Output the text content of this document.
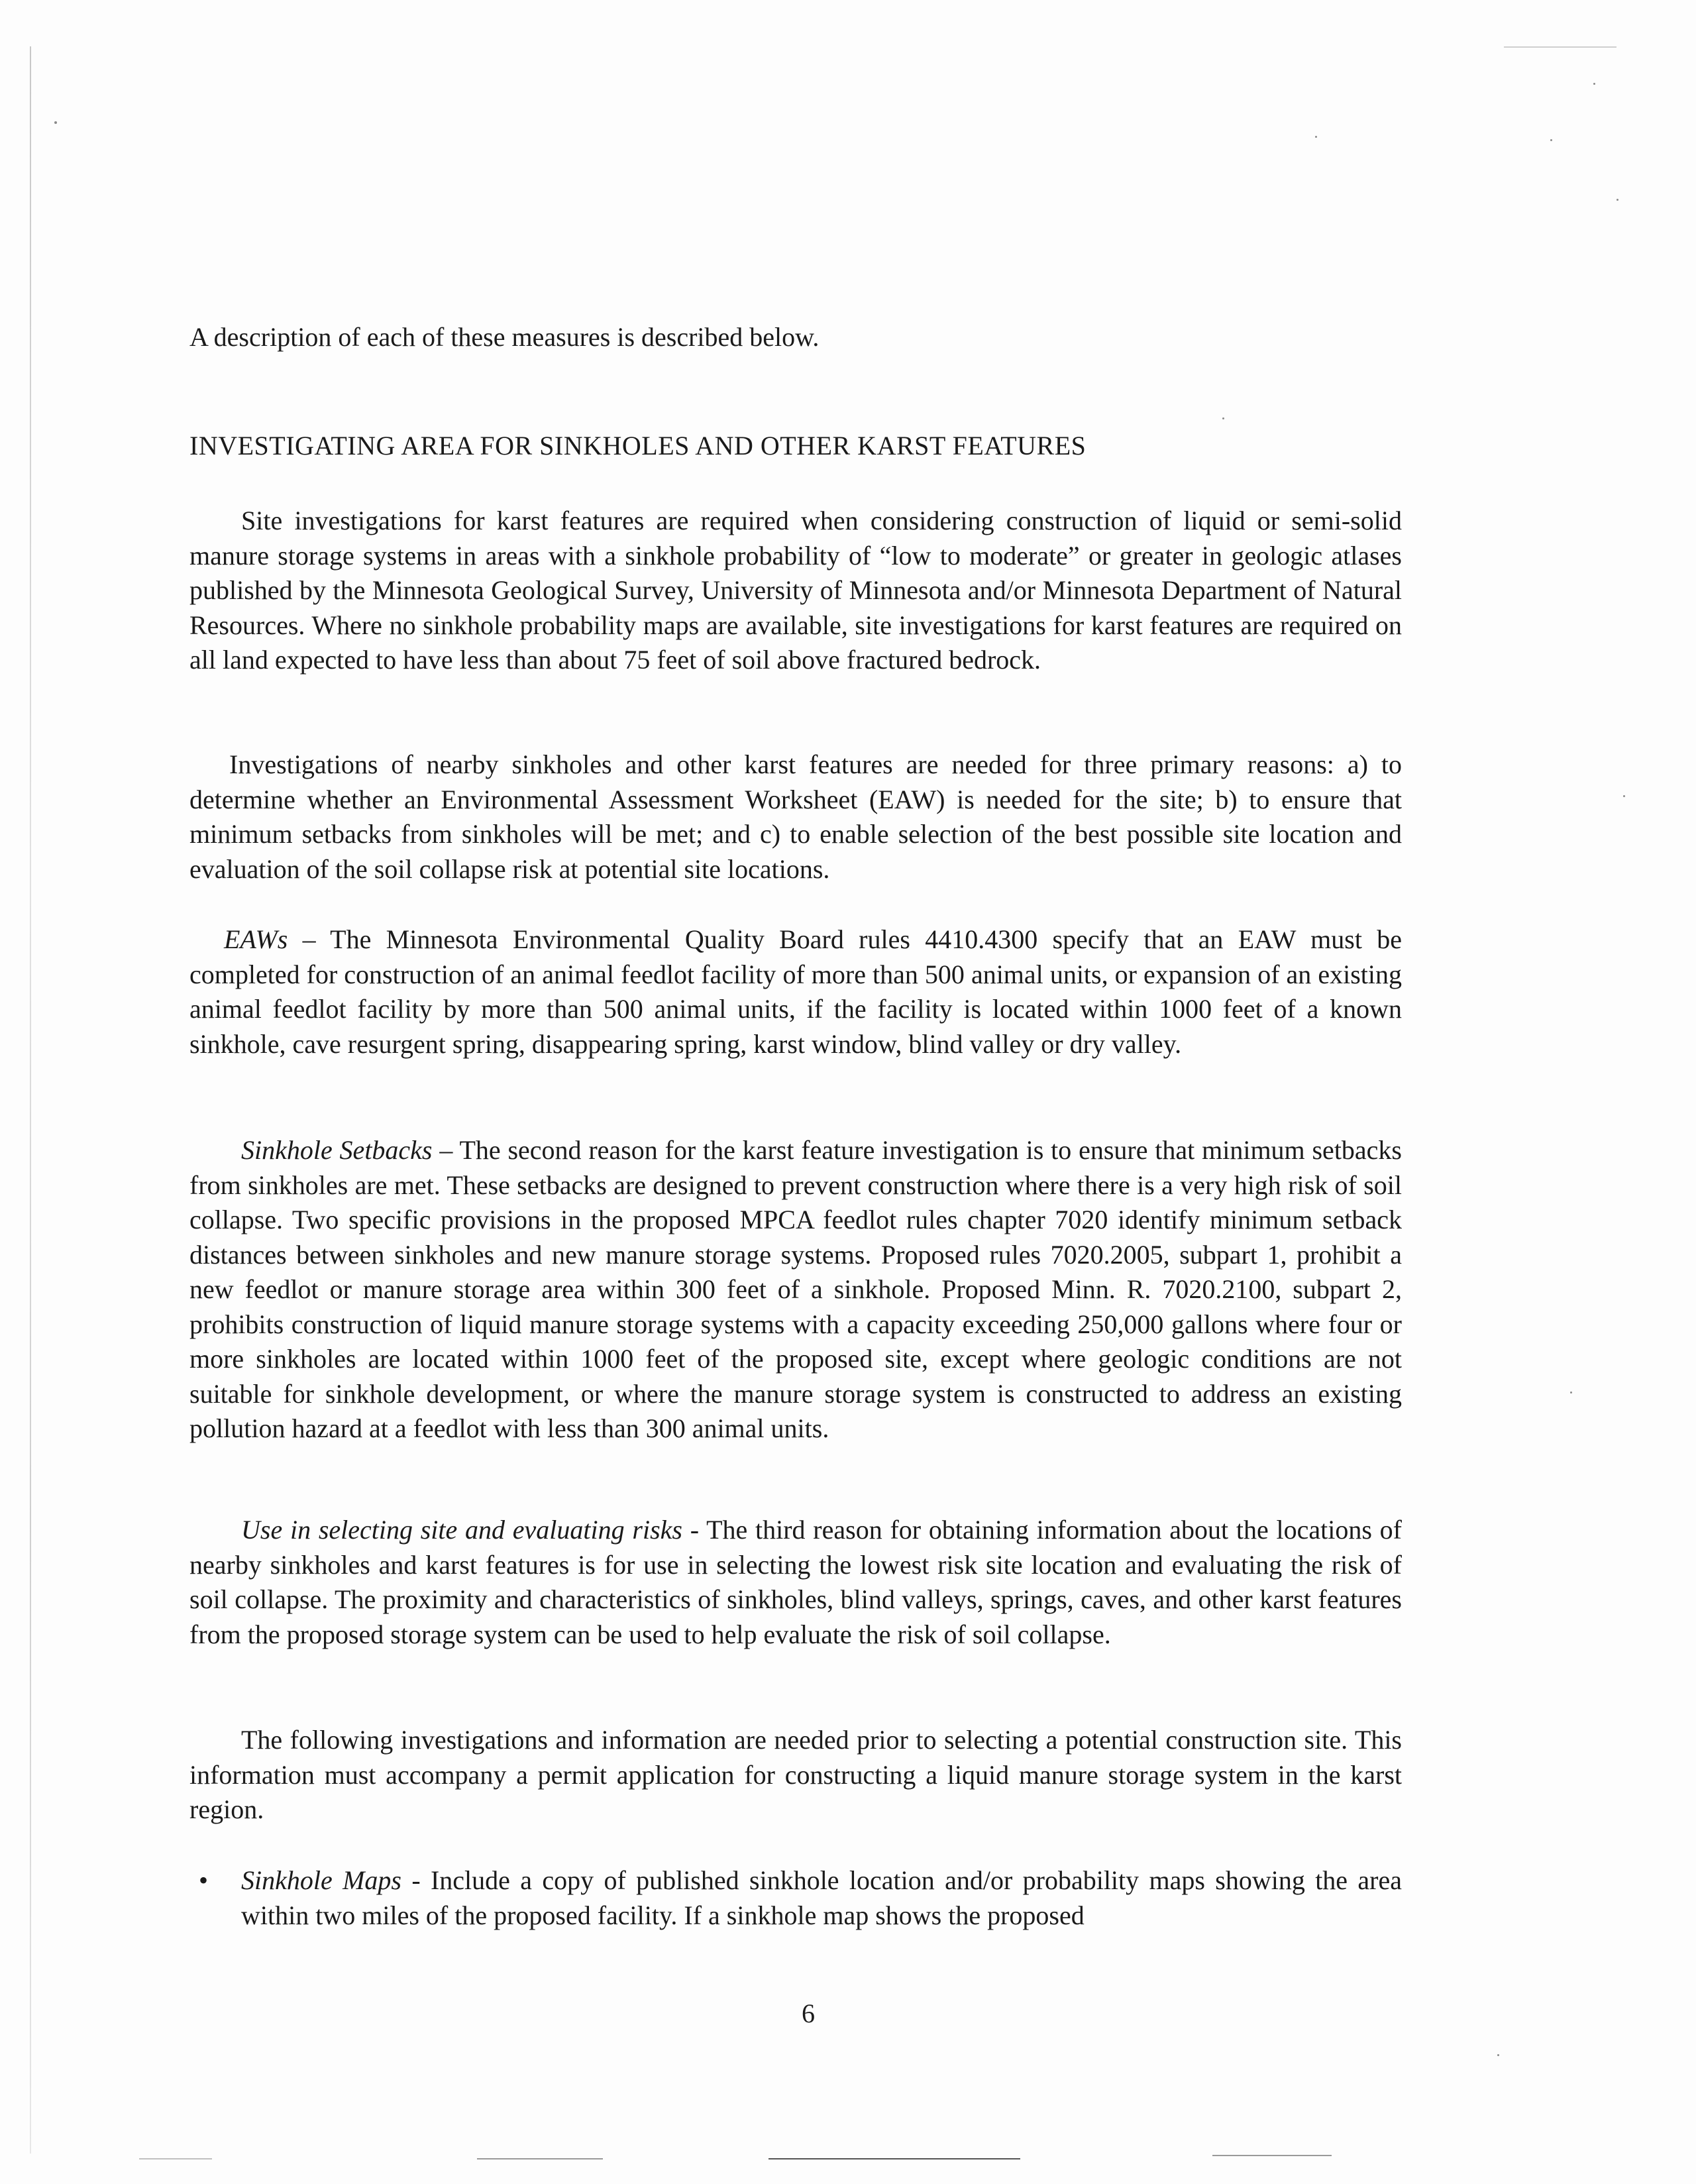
A description of each of these measures is described below.

INVESTIGATING AREA FOR SINKHOLES AND OTHER KARST FEATURES

Site investigations for karst features are required when considering construction of liquid or semi-solid manure storage systems in areas with a sinkhole probability of “low to moderate” or greater in geologic atlases published by the Minnesota Geological Survey, University of Minnesota and/or Minnesota Department of Natural Resources. Where no sinkhole probability maps are available, site investigations for karst features are required on all land expected to have less than about 75 feet of soil above fractured bedrock.

Investigations of nearby sinkholes and other karst features are needed for three primary reasons: a) to determine whether an Environmental Assessment Worksheet (EAW) is needed for the site; b) to ensure that minimum setbacks from sinkholes will be met; and c) to enable selection of the best possible site location and evaluation of the soil collapse risk at potential site locations.

EAWs – The Minnesota Environmental Quality Board rules 4410.4300 specify that an EAW must be completed for construction of an animal feedlot facility of more than 500 animal units, or expansion of an existing animal feedlot facility by more than 500 animal units, if the facility is located within 1000 feet of a known sinkhole, cave resurgent spring, disappearing spring, karst window, blind valley or dry valley.

Sinkhole Setbacks – The second reason for the karst feature investigation is to ensure that minimum setbacks from sinkholes are met. These setbacks are designed to prevent construction where there is a very high risk of soil collapse. Two specific provisions in the proposed MPCA feedlot rules chapter 7020 identify minimum setback distances between sinkholes and new manure storage systems. Proposed rules 7020.2005, subpart 1, prohibit a new feedlot or manure storage area within 300 feet of a sinkhole. Proposed Minn. R. 7020.2100, subpart 2, prohibits construction of liquid manure storage systems with a capacity exceeding 250,000 gallons where four or more sinkholes are located within 1000 feet of the proposed site, except where geologic conditions are not suitable for sinkhole development, or where the manure storage system is constructed to address an existing pollution hazard at a feedlot with less than 300 animal units.

Use in selecting site and evaluating risks - The third reason for obtaining information about the locations of nearby sinkholes and karst features is for use in selecting the lowest risk site location and evaluating the risk of soil collapse. The proximity and characteristics of sinkholes, blind valleys, springs, caves, and other karst features from the proposed storage system can be used to help evaluate the risk of soil collapse.

The following investigations and information are needed prior to selecting a potential construction site. This information must accompany a permit application for constructing a liquid manure storage system in the karst region.

• Sinkhole Maps - Include a copy of published sinkhole location and/or probability maps showing the area within two miles of the proposed facility. If a sinkhole map shows the proposed
6
